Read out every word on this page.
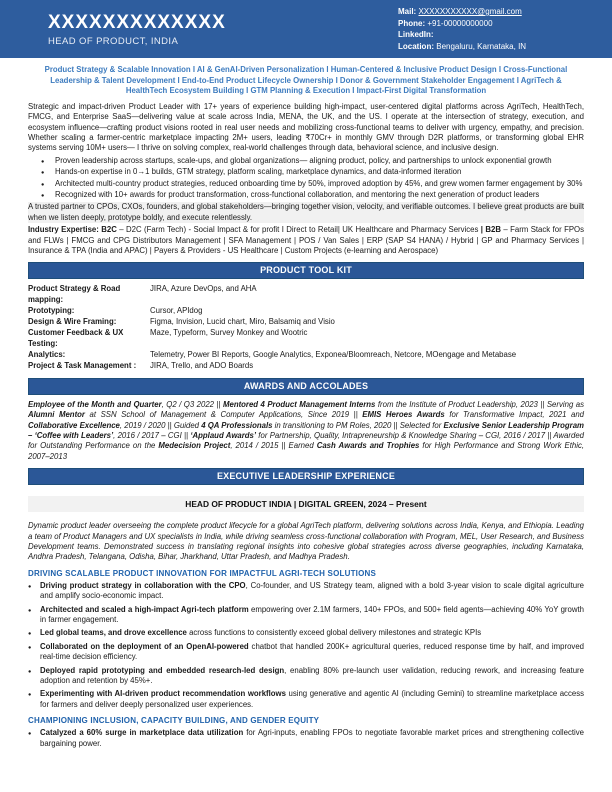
XXXXXXXXXXXXX
HEAD OF PRODUCT, INDIA
Mail: XXXXXXXXXXX@gmail.com
Phone: +91-00000000000
LinkedIn:
Location: Bengaluru, Karnataka, IN

Product Strategy & Scalable Innovation I AI & GenAI-Driven Personalization I Human-Centered & Inclusive Product Design I Cross-Functional Leadership & Talent Development I End-to-End Product Lifecycle Ownership I Donor & Government Stakeholder Engagement I AgriTech & HealthTech Ecosystem Building I GTM Planning & Execution I Impact-First Digital Transformation

Strategic and impact-driven Product Leader with 17+ years of experience building high-impact, user-centered digital platforms across AgriTech, HealthTech, FMCG, and Enterprise SaaS—delivering value at scale across India, MENA, the UK, and the US. I operate at the intersection of strategy, execution, and ecosystem influence—crafting product visions rooted in real user needs and mobilizing cross-functional teams to deliver with urgency, empathy, and precision. Whether scaling a farmer-centric marketplace impacting 2M+ users, leading ₹70Cr+ in monthly GMV through D2R platforms, or transforming global EHR systems serving 10M+ users— I thrive on solving complex, real-world challenges through data, behavioral science, and inclusive design.

● Proven leadership across startups, scale-ups, and global organizations— aligning product, policy, and partnerships to unlock exponential growth
● Hands-on expertise in 0→1 builds, GTM strategy, platform scaling, marketplace dynamics, and data-informed iteration
● Architected multi-country product strategies, reduced onboarding time by 50%, improved adoption by 45%, and grew women farmer engagement by 30%
● Recognized with 10+ awards for product transformation, cross-functional collaboration, and mentoring the next generation of product leaders

A trusted partner to CPOs, CXOs, founders, and global stakeholders—bringing together vision, velocity, and verifiable outcomes. I believe great products are built when we listen deeply, prototype boldly, and execute relentlessly.

Industry Expertise: B2C – D2C (Farm Tech) - Social Impact & for profit I Direct to Retail| UK Healthcare and Pharmacy Services | B2B – Farm Stack for FPOs and FLWs | FMCG and CPG Distributors Management | SFA Management | POS / Van Sales | ERP (SAP S4 HANA) / Hybrid | GP and Pharmacy Services | Insurance & TPA (India and APAC) | Payers & Providers - US Healthcare | Custom Projects (e-learning and Aerospace)

PRODUCT TOOL KIT
Product Strategy & Road mapping:
JIRA, Azure DevOps, and AHA
Prototyping:	Cursor, APIdog
Design & Wire Framing:	Figma, Invision, Lucid chart, Miro, Balsamiq and Visio
Customer Feedback & UX Testing:
Maze, Typeform, Survey Monkey and Wootric
Analytics:	Telemetry, Power BI Reports, Google Analytics, Exponea/Bloomreach, Netcore, MOengage and Metabase
Project & Task Management :	JIRA, Trello, and ADO Boards
AWARDS AND ACCOLADES

Employee of the Month and Quarter, Q2 / Q3 2022 || Mentored 4 Product Management Interns from the Institute of Product Leadership, 2023 || Serving as Alumni Mentor at SSN School of Management & Computer Applications, Since 2019 || EMIS Heroes Awards for Transformative Impact, 2021 and Collaborative Excellence, 2019 / 2020 || Guided 4 QA Professionals in transitioning to PM Roles, 2020 || Selected for Exclusive Senior Leadership Program – ‘Coffee with Leaders’, 2016 / 2017 – CGI || ‘Applaud Awards’ for Partnership, Quality, Intrapreneurship & Knowledge Sharing – CGI, 2016 / 2017 || Awarded for Outstanding Performance on the Medecision Project, 2014 / 2015 || Earned Cash Awards and Trophies for High Performance and Strong Work Ethic, 2007–2013

EXECUTIVE LEADERSHIP EXPERIENCE
HEAD OF PRODUCT INDIA | DIGITAL GREEN, 2024 – Present

Dynamic product leader overseeing the complete product lifecycle for a global AgriTech platform, delivering solutions across India, Kenya, and Ethiopia. Leading a team of Product Managers and UX specialists in India, while driving seamless cross-functional collaboration with Program, MEL, User Research, and Business Development teams. Demonstrated success in translating regional insights into cohesive global strategies across diverse geographies, including Karnataka, Andhra Pradesh, Telangana, Odisha, Bihar, Jharkhand, Uttar Pradesh, and Madhya Pradesh.

DRIVING SCALABLE PRODUCT INNOVATION FOR IMPACTFUL AGRI-TECH SOLUTIONS
● Driving product strategy in collaboration with the CPO, Co-founder, and US Strategy team, aligned with a bold 3-year vision to scale digital agriculture and amplify socio-economic impact.
● Architected and scaled a high-impact Agri-tech platform empowering over 2.1M farmers, 140+ FPOs, and 500+ field agents—achieving 40% YoY growth in farmer engagement.
● Led global teams, and drove excellence across functions to consistently exceed global delivery milestones and strategic KPIs
● Collaborated on the deployment of an OpenAI-powered chatbot that handled 200K+ agricultural queries, reduced response time by half, and improved real-time decision efficiency.
● Deployed rapid prototyping and embedded research-led design, enabling 80% pre-launch user validation, reducing rework, and increasing feature adoption and retention by 45%+.
● Experimenting with AI-driven product recommendation workflows using generative and agentic AI (including Gemini) to streamline marketplace access for farmers and deliver deeply personalized user experiences.
CHAMPIONING INCLUSION, CAPACITY BUILDING, AND GENDER EQUITY
● Catalyzed a 60% surge in marketplace data utilization for Agri-inputs, enabling FPOs to negotiate favorable market prices and strengthening collective bargaining power.
